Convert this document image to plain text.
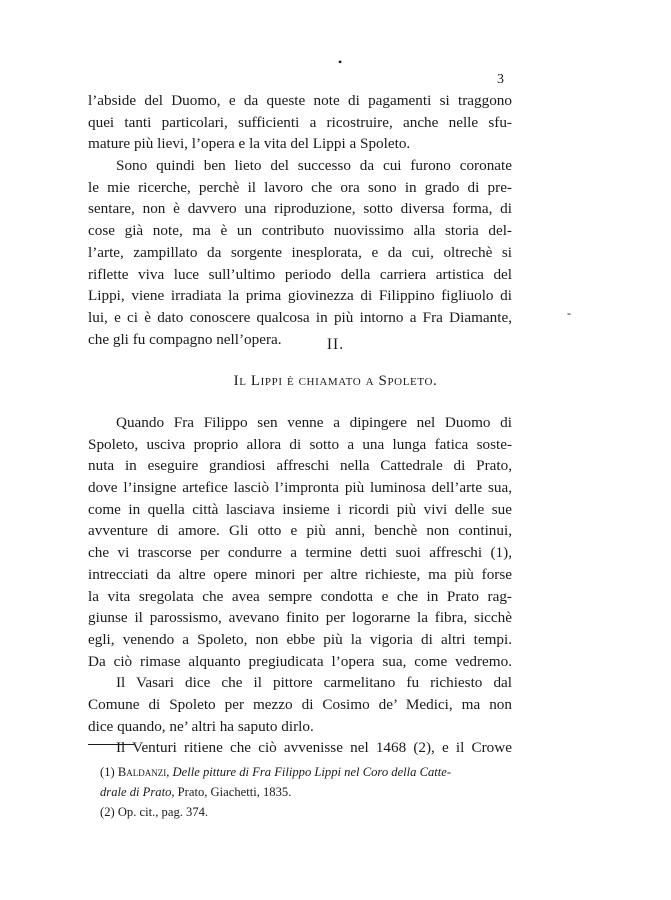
•
3
-
l’abside del Duomo, e da queste note di pagamenti si traggono
quei tanti particolari, sufficienti a ricostruire, anche nelle sfu-
mature più lievi, l’opera e la vita del Lippi a Spoleto.
Sono quindi ben lieto del successo da cui furono coronate
le mie ricerche, perchè il lavoro che ora sono in grado di pre-
sentare, non è davvero una riproduzione, sotto diversa forma, di
cose già note, ma è un contributo nuovissimo alla storia del-
l’arte, zampillato da sorgente inesplorata, e da cui, oltrechè si
riflette viva luce sull’ultimo periodo della carriera artistica del
Lippi, viene irradiata la prima giovinezza di Filippino figliuolo di
lui, e ci è dato conoscere qualcosa in più intorno a Fra Diamante,
che gli fu compagno nell’opera.	II.
Il Lippi è chiamato a Spoleto.
Quando Fra Filippo sen venne a dipingere nel Duomo di
Spoleto, usciva proprio allora di sotto a una lunga fatica soste-
nuta in eseguire grandiosi affreschi nella Cattedrale di Prato,
dove l’insigne artefice lasciò l’impronta più luminosa dell’arte sua,
come in quella città lasciava insieme i ricordi più vivi delle sue
avventure di amore. Gli otto e più anni, benchè non continui,
che vi trascorse per condurre a termine detti suoi affreschi (1),
intrecciati da altre opere minori per altre richieste, ma più forse
la vita sregolata che avea sempre condotta e che in Prato rag-
giunse il parossismo, avevano finito per logorarne la fibra, sicchè
egli, venendo a Spoleto, non ebbe più la vigoria di altri tempi.
Da ciò rimase alquanto pregiudicata l’opera sua, come vedremo.
Il Vasari dice che il pittore carmelitano fu richiesto dal
Comune di Spoleto per mezzo di Cosimo de’ Medici, ma non
dice quando, ne’ altri ha saputo dirlo.
Il Venturi ritiene che ciò avvenisse nel 1468 (2), e il Crowe
(1) Baldanzi, Delle pitture di Fra Filippo Lippi nel Coro della Catte-
drale di Prato, Prato, Giachetti, 1835.
(2) Op. cit., pag. 374.
